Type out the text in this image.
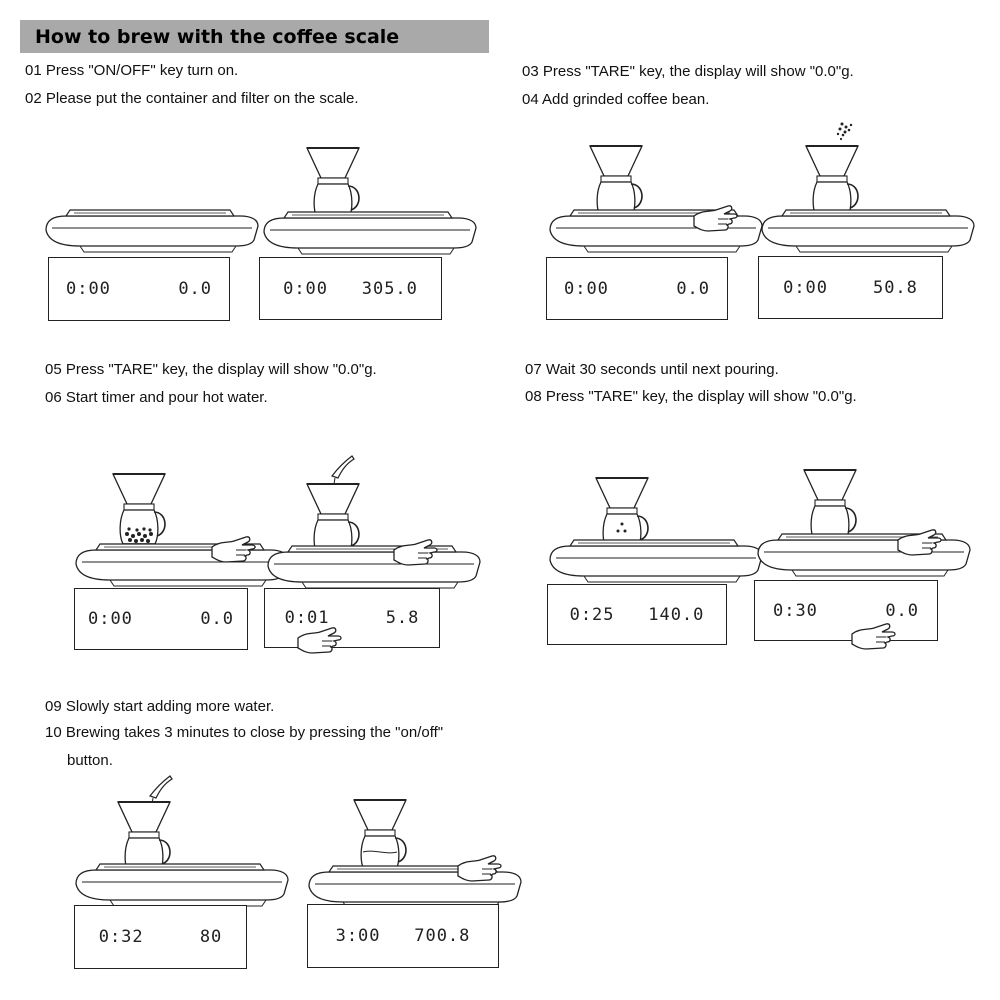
How to brew with the coffee scale
01 Press "ON/OFF" key turn on.
02 Please put the container and filter on the scale.
03 Press "TARE" key, the display will show "0.0"g.
04 Add grinded coffee bean.
05 Press "TARE" key, the display will show "0.0"g.
06 Start timer and pour hot water.
07 Wait 30 seconds until next pouring.
08 Press "TARE" key, the display will show "0.0"g.
09 Slowly start adding more water.
10 Brewing takes 3 minutes to close by pressing the "on/off"
button.
0:00      0.0	0:00   305.0	0:00      0.0	0:00    50.8
0:00      0.0	0:01     5.8	0:25   140.0	0:30      0.0
0:32     80	3:00   700.8
